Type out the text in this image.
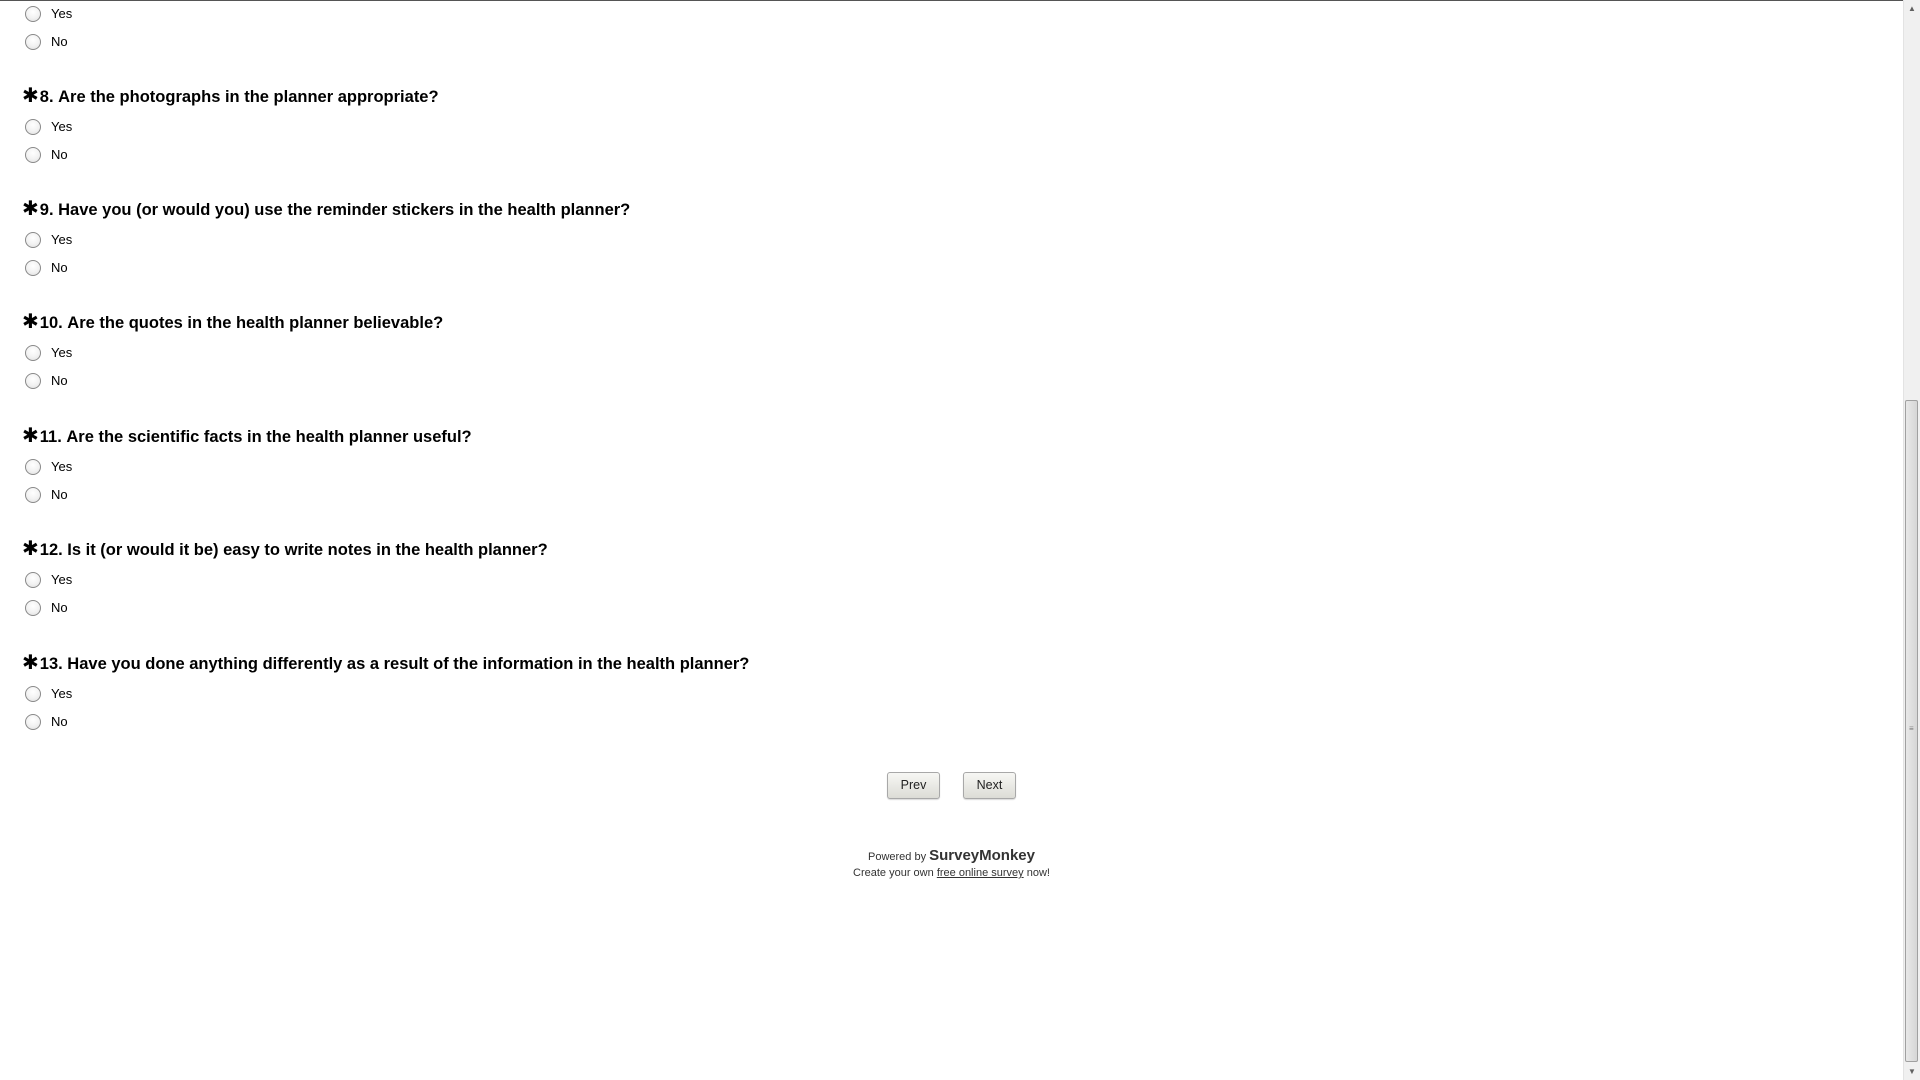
Yes
No
✱8. Are the photographs in the planner appropriate?
Yes
No
✱9. Have you (or would you) use the reminder stickers in the health planner?
Yes
No
✱10. Are the quotes in the health planner believable?
Yes
No
✱11. Are the scientific facts in the health planner useful?
Yes
No
✱12. Is it (or would it be) easy to write notes in the health planner?
Yes
No
✱13. Have you done anything differently as a result of the information in the health planner?
Yes
No
Prev	Next
Powered by SurveyMonkey
Create your own free online survey now!
▲
≡
▼
